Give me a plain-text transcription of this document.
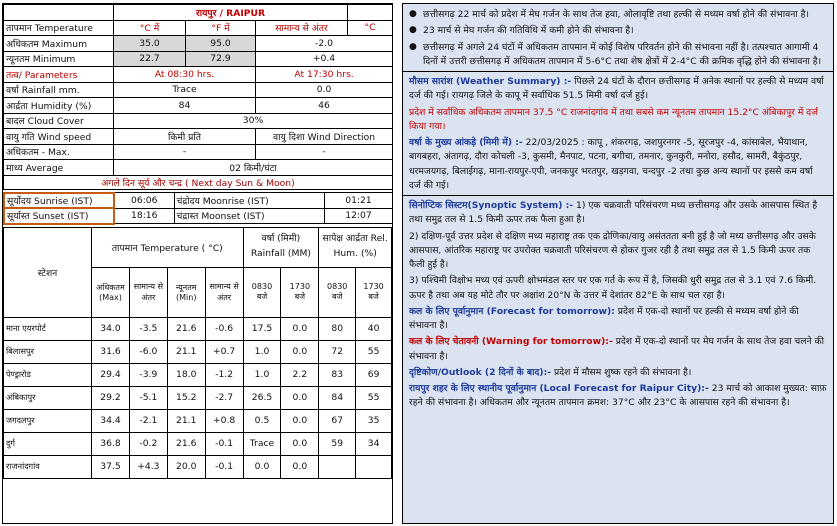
	रायपुर / RAIPUR			
तापमान Temperature	°C में	°F में	सामान्य से अंतर	°C
अधिकतम Maximum	35.0	95.0	-2.0	
न्यूनतम Minimum	22.7	72.9	+0.4	
तत्व/ Parameters	At 08:30 hrs.		At 17:30 hrs.	
वर्षा Rainfall mm.	Trace		0.0	
आर्द्रता Humidity (%)	84		46	
बादल Cloud Cover	30%			
वायु गति Wind speed	किमी प्रति		वायु दिशा Wind Direction	
अधिकतम - Max.	-		-	
माध्य Average	02 किमी/घंटा			
अगले दिन सूर्य और चन्द्र ( Next day Sun & Moon)				
सूर्योदय Sunrise (IST)	06:06	चंद्रोदय Moonrise (IST)	01:21
सूर्यास्त Sunset (IST)	18:16	चंद्रास्त Moonset (IST)	12:07
स्टेशन	तापमान Temperature ( °C)				वर्षा (मिमी) Rainfall (MM)		सापेक्ष आर्द्रता Rel. Hum. (%)	
	अधिकतम (Max)	सामान्य से अंतर	न्यूनतम (Min)	सामान्य से अंतर	0830 बजे	1730 बजे	0830 बजे	1730 बजे
माना एयरपोर्ट	34.0	-3.5	21.6	-0.6	17.5	0.0	80	40
बिलासपुर	31.6	-6.0	21.1	+0.7	1.0	0.0	72	55
पेण्ड्रारोड	29.4	-3.9	18.0	-1.2	1.0	2.2	83	69
अंबिकापुर	29.2	-5.1	15.2	-2.7	26.5	0.0	84	55
जगदलपुर	34.4	-2.1	21.1	+0.8	0.5	0.0	67	35
दुर्ग	36.8	-0.2	21.6	-0.1	Trace	0.0	59	34
राजनांदगांव	37.5	+4.3	20.0	-0.1	0.0	0.0		

● छत्तीसगढ़ 22 मार्च को प्रदेश में मेघ गर्जन के साथ तेज हवा, ओलावृष्टि तथा हल्की से मध्यम वर्षा होने की संभावना है।

● 23 मार्च से मेघ गर्जन की गतिविधि में कमी होने की संभावना है।

● छत्तीसगढ़ में अगले 24 घंटों में अधिकतम तापमान में कोई विशेष परिवर्तन होने की संभावना नहीं है। तत्पश्चात आगामी 4 दिनों में उत्तरी छत्तीसगढ़ में अधिकतम तापमान में 5-6°C तथा शेष क्षेत्रों में 2-4°C की क्रमिक वृद्धि होने की संभावना है।

मौसम सारांश (Weather Summary) :- पिछले 24 घंटों के दौरान छत्तीसगढ़ में अनेक स्थानों पर हल्की से मध्यम वर्षा दर्ज की गई। रायगढ़ जिले के कापू में सर्वाधिक 51.5 मिमी वर्षा दर्ज हुई।

प्रदेश में सर्वाधिक अधिकतम तापमान 37.5 °C राजनांदगांव में तथा सबसे कम न्यूनतम तापमान 15.2°C अंबिकापुर में दर्ज किया गया।

वर्षा के मुख्य आंकड़े (मिमी में) :- 22/03/2025 : कापू , शंकरगढ़, जशपुरनगर -5, सूरजपुर -4, कांसाबेल, भैयाथान, बागबहरा, अंतागढ़, दौरा कोचली -3, कुसमी, मैनपाट, पटना, बगीचा, तमनार, कुनकुरी, मनोरा, हसौद, सामरी, बैकुंठपुर, धरमजयगढ़, बिलाईगढ़, माना-रायपुर-एपी, जनकपुर भरतपुर, खड़गवा, चन्दपुर -2 तथा कुछ अन्य स्थानों पर इससे कम वर्षा दर्ज की गई।

सिनोप्टिक सिस्टम(Synoptic System) :- 1) एक चक्रवाती परिसंचरण मध्य छत्तीसगढ़ और उसके आसपास स्थित है तथा समुद्र तल से 1.5 किमी ऊपर तक फैला हुआ है।

2) दक्षिण-पूर्व उत्तर प्रदेश से दक्षिण मध्य महाराष्ट्र तक एक द्रोणिका/वायु असंततता बनी हुई है जो मध्य छत्तीसगढ़ और उसके आसपास, आंतरिक महाराष्ट्र पर उपरोक्त चक्रवाती परिसंचरण से होकर गुजर रही है तथा समुद्र तल से 1.5 किमी ऊपर तक फैली हुई है।

3) पश्चिमी विक्षोभ मध्य एवं ऊपरी क्षोभमंडल स्तर पर एक गर्त के रूप में है, जिसकी धुरी समुद्र तल से 3.1 एवं 7.6 किमी. ऊपर है तथा अब यह मोटे तौर पर अक्षांश 20°N के उत्तर में देशांतर 82°E के साथ चल रहा है।

कल के लिए पूर्वानुमान (Forecast for tomorrow): प्रदेश में एक-दो स्थानों पर हल्की से मध्यम वर्षा होने की संभावना है।

कल के लिए चेतावनी (Warning for tomorrow):- प्रदेश में एक-दो स्थानों पर मेघ गर्जन के साथ तेज हवा चलने की संभावना है।

दृष्टिकोण/Outlook (2 दिनों के बाद):- प्रदेश में मौसम शुष्क रहने की संभावना है।

रायपुर शहर के लिए स्थानीय पूर्वानुमान (Local Forecast for Raipur City):- 23 मार्च को आकाश मुख्यत: साफ़ रहने की संभावना है। अधिकतम और न्यूनतम तापमान क्रमश: 37°C और 23°C के आसपास रहने की संभावना है।
